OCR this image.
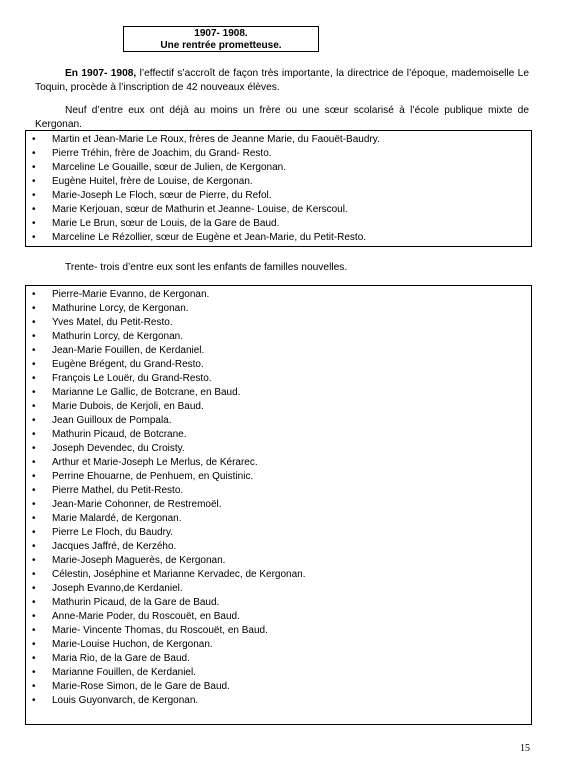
1907- 1908.
Une rentrée prometteuse.

En 1907- 1908, l’effectif s’accroît de façon très importante, la directrice de l’époque, mademoiselle Le Toquin, procède à l’inscription de 42 nouveaux élèves.

Neuf d’entre eux ont déjà au moins un frère ou une sœur scolarisé à l’école publique mixte de Kergonan.

• Martin et Jean-Marie Le Roux, frères de Jeanne Marie, du Faouët-Baudry.
• Pierre Tréhin, frère de Joachim, du Grand- Resto.
• Marceline Le Gouaille, sœur de Julien, de Kergonan.
• Eugène Huitel, frère de Louise, de Kergonan.
• Marie-Joseph Le Floch, sœur de Pierre, du Refol.
• Marie Kerjouan, sœur de Mathurin et Jeanne- Louise, de Kerscoul.
• Marie Le Brun, sœur de Louis, de la Gare de Baud.
• Marceline Le Rézollier, sœur de Eugène et Jean-Marie, du Petit-Resto.

Trente- trois d’entre eux sont les enfants de familles nouvelles.

• Pierre-Marie Evanno, de Kergonan.
• Mathurine Lorcy, de Kergonan.
• Yves Matel, du Petit-Resto.
• Mathurin Lorcy, de Kergonan.
• Jean-Marie Fouillen, de Kerdaniel.
• Eugène Brégent, du Grand-Resto.
• François Le Louër, du Grand-Resto.
• Marianne Le Gallic, de Botcrane, en Baud.
• Marie Dubois, de Kerjoli, en Baud.
• Jean Guilloux de Pompala.
• Mathurin Picaud, de Botcrane.
• Joseph Devendec, du Croisty.
• Arthur et Marie-Joseph Le Merlus, de Kérarec.
• Perrine Ehouarne, de Penhuem, en Quistinic.
• Pierre Mathel, du Petit-Resto.
• Jean-Marie Cohonner, de Restremoël.
• Marie Malardé, de Kergonan.
• Pierre Le Floch, du Baudry.
• Jacques Jaffré, de Kerzého.
• Marie-Joseph Maguerès, de Kergonan.
• Célestin, Joséphine et Marianne Kervadec, de Kergonan.
• Joseph Evanno,de Kerdaniel.
• Mathurin Picaud, de la Gare de Baud.
• Anne-Marie Poder, du Roscouët, en Baud.
• Marie- Vincente Thomas, du Roscouët, en Baud.
• Marie-Louise Huchon, de Kergonan.
• Maria Rio, de la Gare de Baud.
• Marianne Fouillen, de Kerdaniel.
• Marie-Rose Simon, de le Gare de Baud.
• Louis Guyonvarch, de Kergonan.
15
